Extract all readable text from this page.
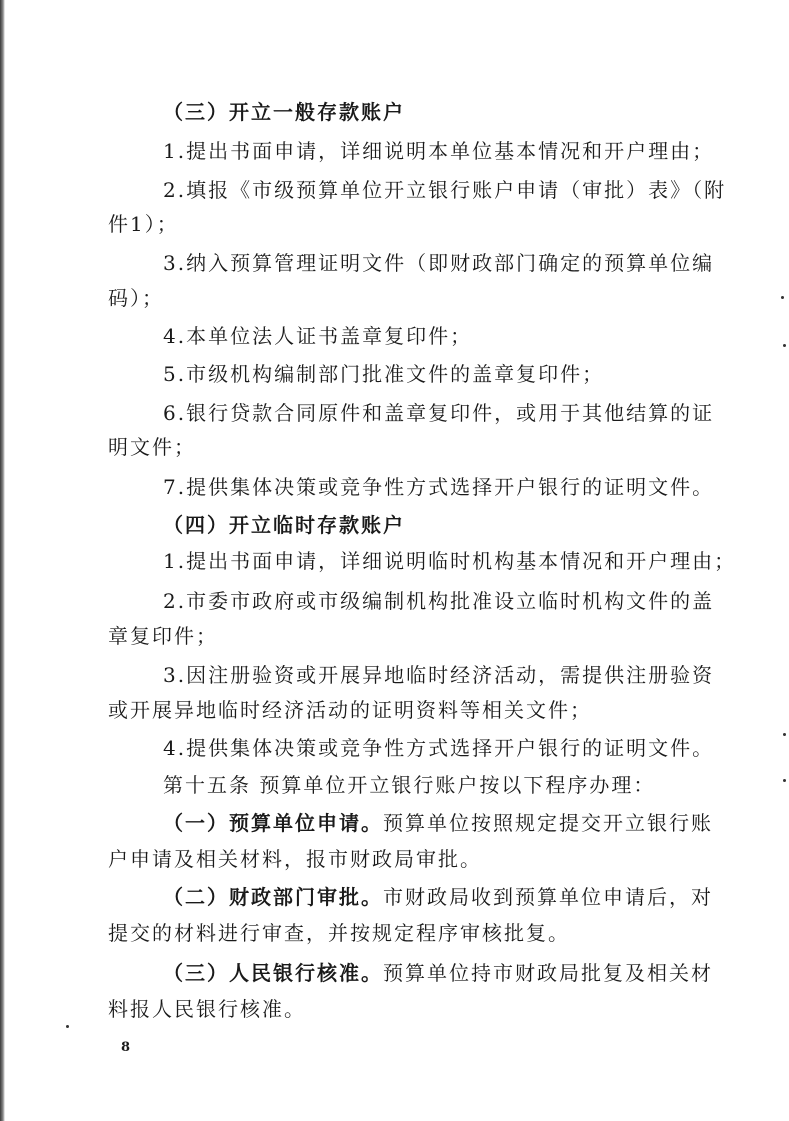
（三）开立一般存款账户
1.提出书面申请，详细说明本单位基本情况和开户理由；
2.填报《市级预算单位开立银行账户申请（审批）表》（附
件1）；
3.纳入预算管理证明文件（即财政部门确定的预算单位编
码）；
4.本单位法人证书盖章复印件；
5.市级机构编制部门批准文件的盖章复印件；
6.银行贷款合同原件和盖章复印件，或用于其他结算的证
明文件；
7.提供集体决策或竞争性方式选择开户银行的证明文件。
（四）开立临时存款账户
1.提出书面申请，详细说明临时机构基本情况和开户理由；
2.市委市政府或市级编制机构批准设立临时机构文件的盖
章复印件；
3.因注册验资或开展异地临时经济活动，需提供注册验资
或开展异地临时经济活动的证明资料等相关文件；
4.提供集体决策或竞争性方式选择开户银行的证明文件。
第十五条 预算单位开立银行账户按以下程序办理：
（一）预算单位申请。预算单位按照规定提交开立银行账
户申请及相关材料，报市财政局审批。
（二）财政部门审批。市财政局收到预算单位申请后，对
提交的材料进行审查，并按规定程序审核批复。
（三）人民银行核准。预算单位持市财政局批复及相关材
料报人民银行核准。
8
